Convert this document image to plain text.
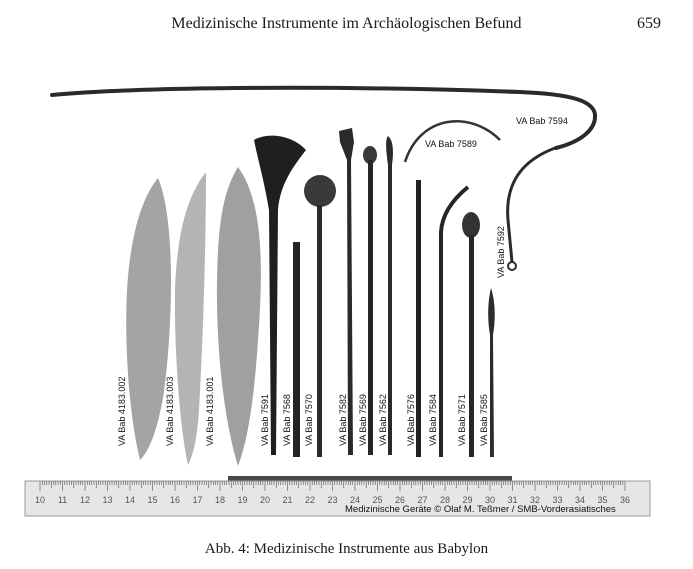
Medizinische Instrumente im Archäologischen Befund	659
VA Bab 7594
VA Bab 7589
VA Bab 7592
VA Bab 4183.002	VA Bab 4183.003	VA Bab 4183.001	VA Bab 7591 VA Bab 7568 VA Bab 7570	VA Bab 7582 VA Bab 7569 VA Bab 7562 VA Bab 7576 VA Bab 7584 VA Bab 7571 VA Bab 7585
10 11 12 13 14 15 16 17 18 19 20 21 22 23 24 25 26 27 28 29 30 31 32 33 34 35 36
Medizinische Geräte © Olaf M. Teßmer / SMB-Vorderasiatisches
Abb. 4: Medizinische Instrumente aus Babylon
